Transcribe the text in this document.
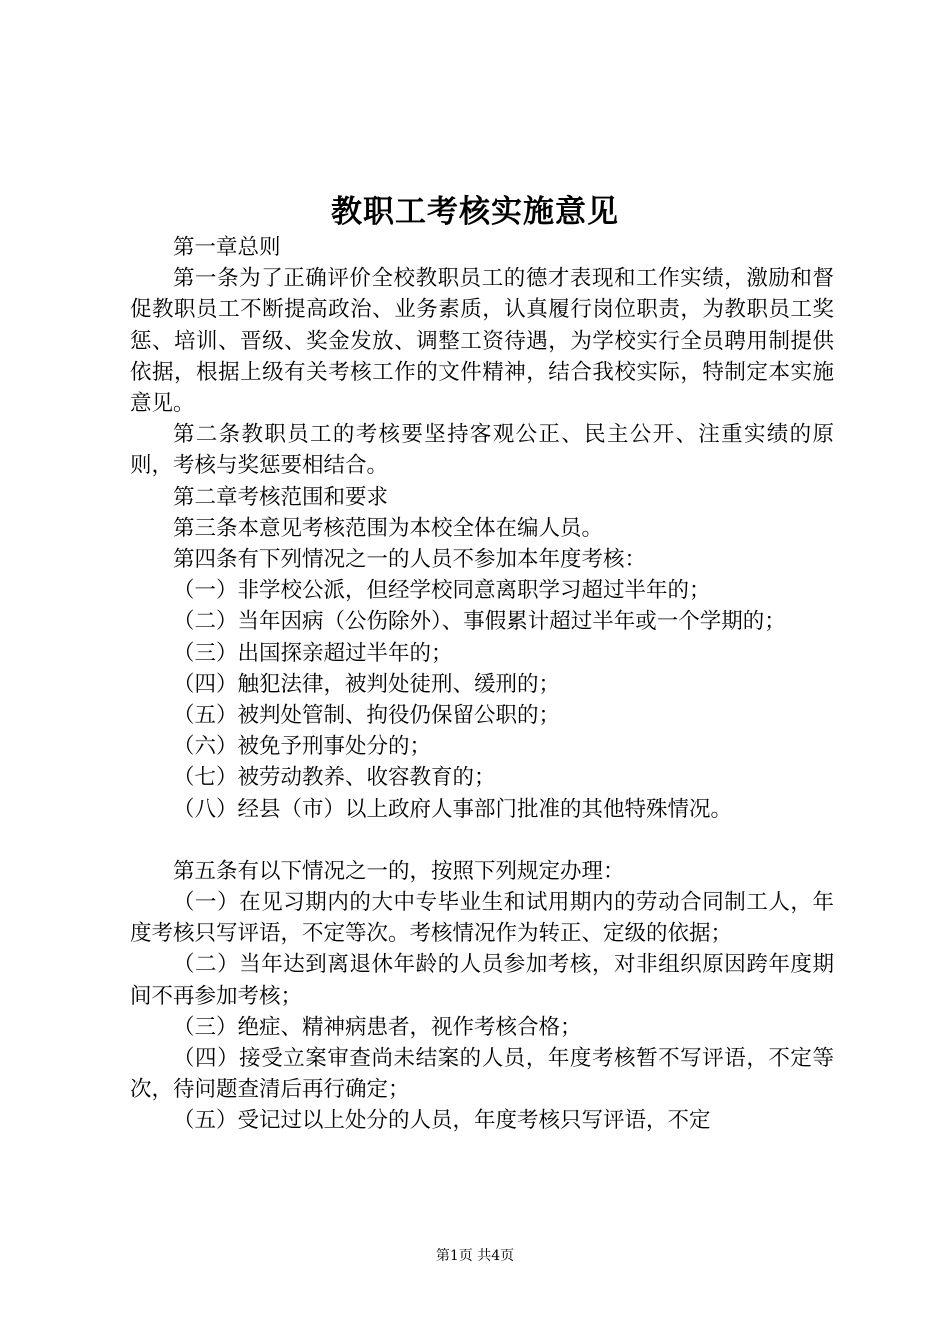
教职工考核实施意见

第一章总则

第一条为了正确评价全校教职员工的德才表现和工作实绩，激励和督促教职员工不断提高政治、业务素质，认真履行岗位职责，为教职员工奖惩、培训、晋级、奖金发放、调整工资待遇，为学校实行全员聘用制提供依据，根据上级有关考核工作的文件精神，结合我校实际，特制定本实施意见。

第二条教职员工的考核要坚持客观公正、民主公开、注重实绩的原则，考核与奖惩要相结合。

第二章考核范围和要求

第三条本意见考核范围为本校全体在编人员。

第四条有下列情况之一的人员不参加本年度考核：

（一）非学校公派，但经学校同意离职学习超过半年的；

（二）当年因病（公伤除外）、事假累计超过半年或一个学期的；

（三）出国探亲超过半年的；

（四）触犯法律，被判处徒刑、缓刑的；

（五）被判处管制、拘役仍保留公职的；

（六）被免予刑事处分的；

（七）被劳动教养、收容教育的；

（八）经县（市）以上政府人事部门批准的其他特殊情况。

第五条有以下情况之一的，按照下列规定办理：

（一）在见习期内的大中专毕业生和试用期内的劳动合同制工人，年度考核只写评语，不定等次。考核情况作为转正、定级的依据；

（二）当年达到离退休年龄的人员参加考核，对非组织原因跨年度期间不再参加考核；

（三）绝症、精神病患者，视作考核合格；

（四）接受立案审查尚未结案的人员，年度考核暂不写评语，不定等次，待问题查清后再行确定；

（五）受记过以上处分的人员，年度考核只写评语，不定

第1页 共4页
